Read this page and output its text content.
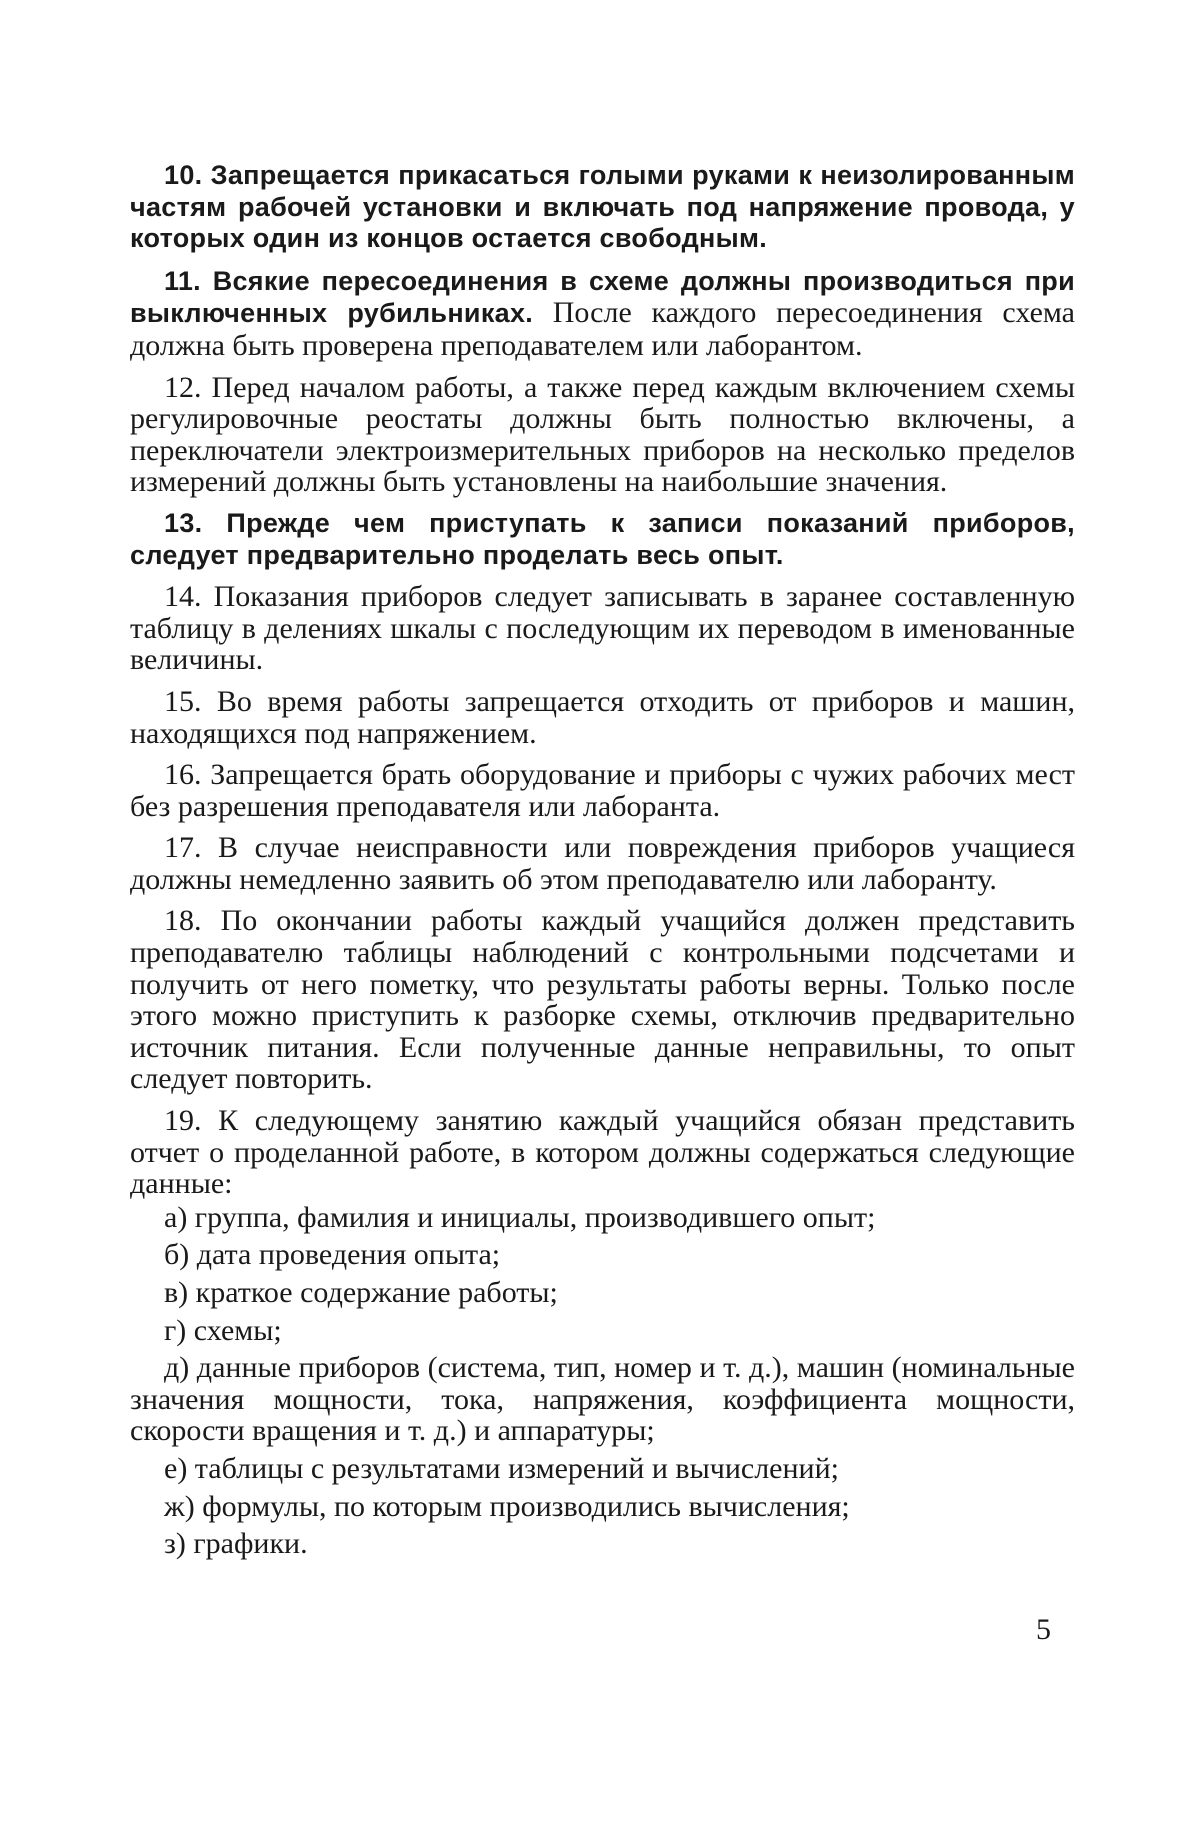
10. Запрещается прикасаться голыми руками к неизолированным частям рабочей установки и включать под напряжение провода, у которых один из концов остается свободным.

11. Всякие пересоединения в схеме должны производиться при выключенных рубильниках. После каждого пересоединения схема должна быть проверена преподавателем или лаборантом.

12. Перед началом работы, а также перед каждым включением схемы регулировочные реостаты должны быть полностью включены, а переключатели электроизмерительных приборов на несколько пределов измерений должны быть установлены на наибольшие значения.

13. Прежде чем приступать к записи показаний приборов, следует предварительно проделать весь опыт.

14. Показания приборов следует записывать в заранее составленную таблицу в делениях шкалы с последующим их переводом в именованные величины.

15. Во время работы запрещается отходить от приборов и машин, находящихся под напряжением.

16. Запрещается брать оборудование и приборы с чужих рабочих мест без разрешения преподавателя или лаборанта.

17. В случае неисправности или повреждения приборов учащиеся должны немедленно заявить об этом преподавателю или лаборанту.

18. По окончании работы каждый учащийся должен представить преподавателю таблицы наблюдений с контрольными подсчетами и получить от него пометку, что результаты работы верны. Только после этого можно приступить к разборке схемы, отключив предварительно источник питания. Если полученные данные неправильны, то опыт следует повторить.

19. К следующему занятию каждый учащийся обязан представить отчет о проделанной работе, в котором должны содержаться следующие данные:

а) группа, фамилия и инициалы, производившего опыт;

б) дата проведения опыта;

в) краткое содержание работы;

г) схемы;

д) данные приборов (система, тип, номер и т. д.), машин (номинальные значения мощности, тока, напряжения, коэффициента мощности, скорости вращения и т. д.) и аппаратуры;

е) таблицы с результатами измерений и вычислений;

ж) формулы, по которым производились вычисления;

з) графики.

5
